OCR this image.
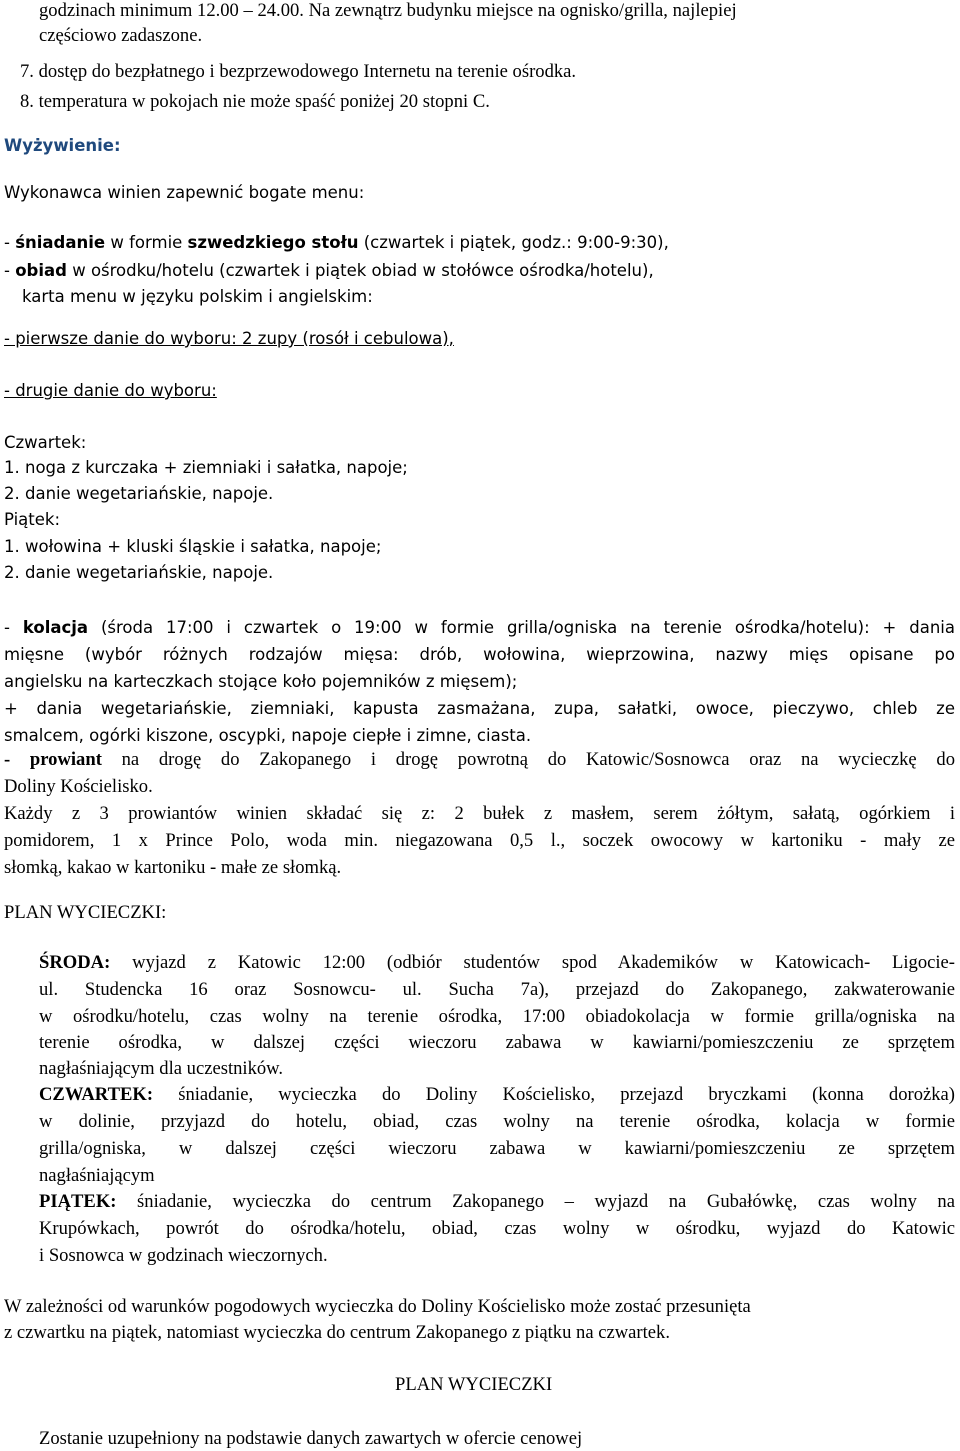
godzinach minimum 12.00 – 24.00. Na zewnątrz budynku miejsce na ognisko/grilla, najlepiej
częściowo zadaszone.
7. dostęp do bezpłatnego i bezprzewodowego Internetu na terenie ośrodka.
8. temperatura w pokojach nie może spaść poniżej 20 stopni C.
Wyżywienie:
Wykonawca winien zapewnić bogate menu:
- śniadanie w formie szwedzkiego stołu (czwartek i piątek, godz.: 9:00-9:30),
- obiad w ośrodku/hotelu (czwartek i piątek obiad w stołówce ośrodka/hotelu),
karta menu w języku polskim i angielskim:
- pierwsze danie do wyboru: 2 zupy (rosół i cebulowa),
- drugie danie do wyboru:
Czwartek:
1. noga z kurczaka + ziemniaki i sałatka, napoje;
2. danie wegetariańskie, napoje.
Piątek:
1. wołowina + kluski śląskie i sałatka, napoje;
2. danie wegetariańskie, napoje.
- kolacja (środa 17:00 i czwartek o 19:00 w formie grilla/ogniska na terenie ośrodka/hotelu): + dania
mięsne (wybór różnych rodzajów mięsa: drób, wołowina, wieprzowina, nazwy mięs opisane po
angielsku na karteczkach stojące koło pojemników z mięsem);
+ dania wegetariańskie, ziemniaki, kapusta zasmażana, zupa, sałatki, owoce, pieczywo, chleb ze
smalcem, ogórki kiszone, oscypki, napoje ciepłe i zimne, ciasta.
- prowiant na drogę do Zakopanego i drogę powrotną do Katowic/Sosnowca oraz na wycieczkę do
Doliny Kościelisko.
Każdy z 3 prowiantów winien składać się z: 2 bułek z masłem, serem żółtym, sałatą, ogórkiem i
pomidorem, 1 x Prince Polo, woda min. niegazowana 0,5 l., soczek owocowy w kartoniku - mały ze
słomką, kakao w kartoniku - małe ze słomką.
PLAN WYCIECZKI:
ŚRODA: wyjazd z Katowic 12:00 (odbiór studentów spod Akademików w Katowicach- Ligocie-
ul. Studencka 16 oraz Sosnowcu- ul. Sucha 7a), przejazd do Zakopanego, zakwaterowanie
w ośrodku/hotelu, czas wolny na terenie ośrodka, 17:00 obiadokolacja w formie grilla/ogniska na
terenie ośrodka, w dalszej części wieczoru zabawa w kawiarni/pomieszczeniu ze sprzętem
nagłaśniającym dla uczestników.
CZWARTEK: śniadanie, wycieczka do Doliny Kościelisko, przejazd bryczkami (konna dorożka)
w dolinie, przyjazd do hotelu, obiad, czas wolny na terenie ośrodka, kolacja w formie
grilla/ogniska, w dalszej części wieczoru zabawa w kawiarni/pomieszczeniu ze sprzętem
nagłaśniającym
PIĄTEK: śniadanie, wycieczka do centrum Zakopanego – wyjazd na Gubałówkę, czas wolny na
Krupówkach, powrót do ośrodka/hotelu, obiad, czas wolny w ośrodku, wyjazd do Katowic
i Sosnowca w godzinach wieczornych.
W zależności od warunków pogodowych wycieczka do Doliny Kościelisko może zostać przesunięta
z czwartku na piątek, natomiast wycieczka do centrum Zakopanego z piątku na czwartek.
PLAN WYCIECZKI
Zostanie uzupełniony na podstawie danych zawartych w ofercie cenowej
